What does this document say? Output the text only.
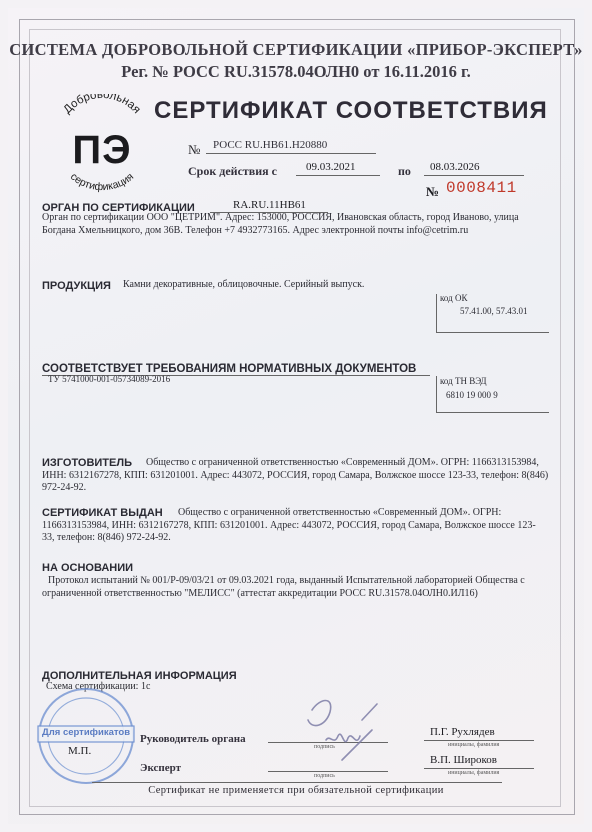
СИСТЕМА ДОБРОВОЛЬНОЙ СЕРТИФИКАЦИИ «ПРИБОР-ЭКСПЕРТ»
Рег. № РОСС RU.31578.04ОЛН0 от 16.11.2016 г.
Добровольная
сертификация
ПЭ
СЕРТИФИКАТ СООТВЕТСТВИЯ
№ РОСС RU.НВ61.Н20880
Срок действия с	09.03.2021	по 08.03.2026
№ 0008411
ОРГАН ПО СЕРТИФИКАЦИИ	RA.RU.11НВ61
Орган по сертификации ООО "ЦЕТРИМ". Адрес: 153000, РОССИЯ, Ивановская область, город Иваново, улица Богдана Хмельницкого, дом 36В. Телефон +7 4932773165. Адрес электронной почты info@cetrim.ru
ПРОДУКЦИЯ Камни декоративные, облицовочные. Серийный выпуск.
код ОК
57.41.00, 57.43.01
СООТВЕТСТВУЕТ ТРЕБОВАНИЯМ НОРМАТИВНЫХ ДОКУМЕНТОВ
ТУ 5741000-001-05734089-2016	код ТН ВЭД
6810 19 000 9
ИЗГОТОВИТЕЛЬ	Общество с ограниченной ответственностью «Современный ДОМ». ОГРН: 1166313153984, ИНН: 6312167278, КПП: 631201001. Адрес: 443072, РОССИЯ, город Самара, Волжское шоссе 123-33, телефон: 8(846) 972-24-92.
СЕРТИФИКАТ ВЫДАН	Общество с ограниченной ответственностью «Современный ДОМ». ОГРН: 1166313153984, ИНН: 6312167278, КПП: 631201001. Адрес: 443072, РОССИЯ, город Самара, Волжское шоссе 123-33, телефон: 8(846) 972-24-92.
НА ОСНОВАНИИ
Протокол испытаний № 001/Р-09/03/21 от 09.03.2021 года, выданный Испытательной лабораторией Общества с ограниченной ответственностью "МЕЛИСС" (аттестат аккредитации РОСС RU.31578.04ОЛН0.ИЛ16)
ДОПОЛНИТЕЛЬНАЯ ИНФОРМАЦИЯ
Схема сертификации: 1с
Для сертификатов
М.П.
Руководитель органа
Эксперт
подпись
подпись
П.Г. Рухлядев
инициалы, фамилия
В.П. Широков
инициалы, фамилия
Сертификат не применяется при обязательной сертификации
